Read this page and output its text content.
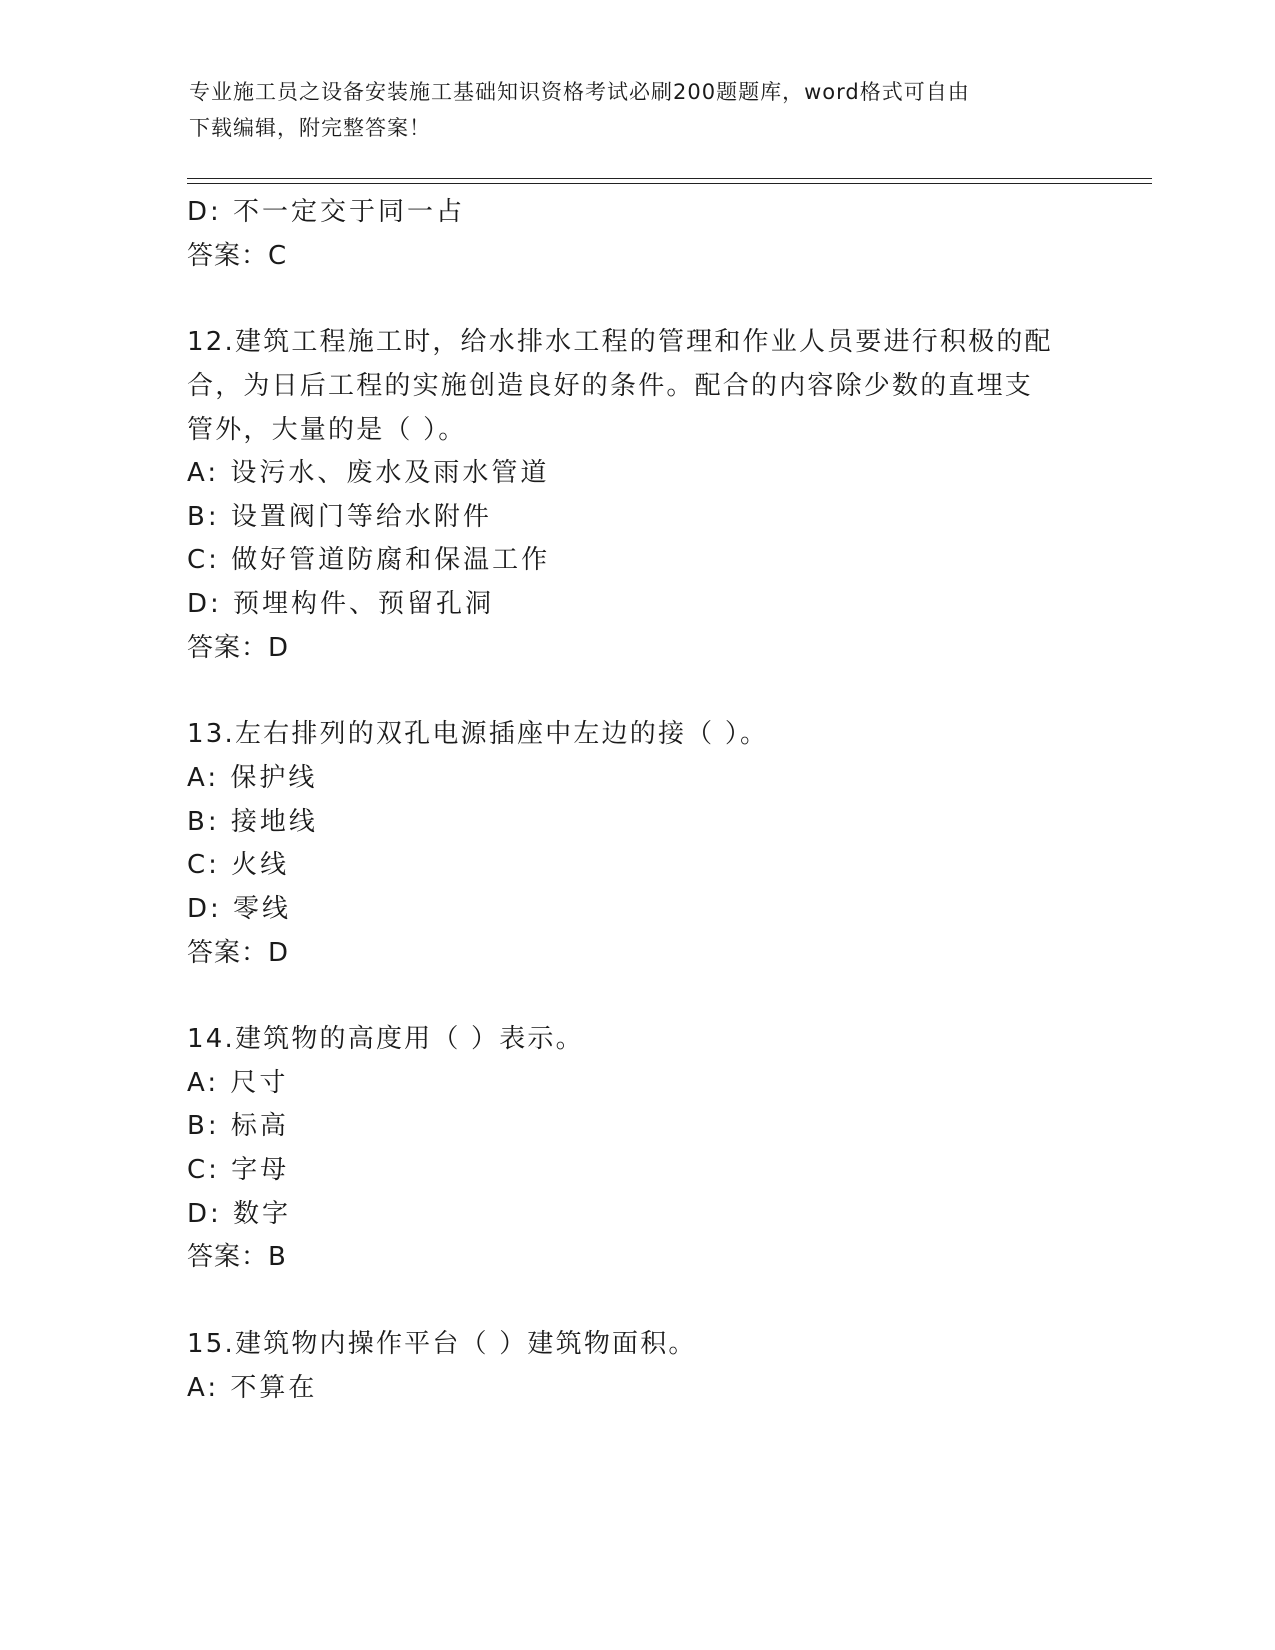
专业施工员之设备安装施工基础知识资格考试必刷200题题库，word格式可自由
下载编辑，附完整答案！
D: 不一定交于同一占
答案：C
12.建筑工程施工时，给水排水工程的管理和作业人员要进行积极的配
合，为日后工程的实施创造良好的条件。配合的内容除少数的直埋支
管外，大量的是（ ）。
A: 设污水、废水及雨水管道
B: 设置阀门等给水附件
C: 做好管道防腐和保温工作
D: 预埋构件、预留孔洞
答案：D
13.左右排列的双孔电源插座中左边的接（ ）。
A: 保护线
B: 接地线
C: 火线
D: 零线
答案：D
14.建筑物的高度用（ ）表示。
A: 尺寸
B: 标高
C: 字母
D: 数字
答案：B
15.建筑物内操作平台（ ）建筑物面积。
A: 不算在
